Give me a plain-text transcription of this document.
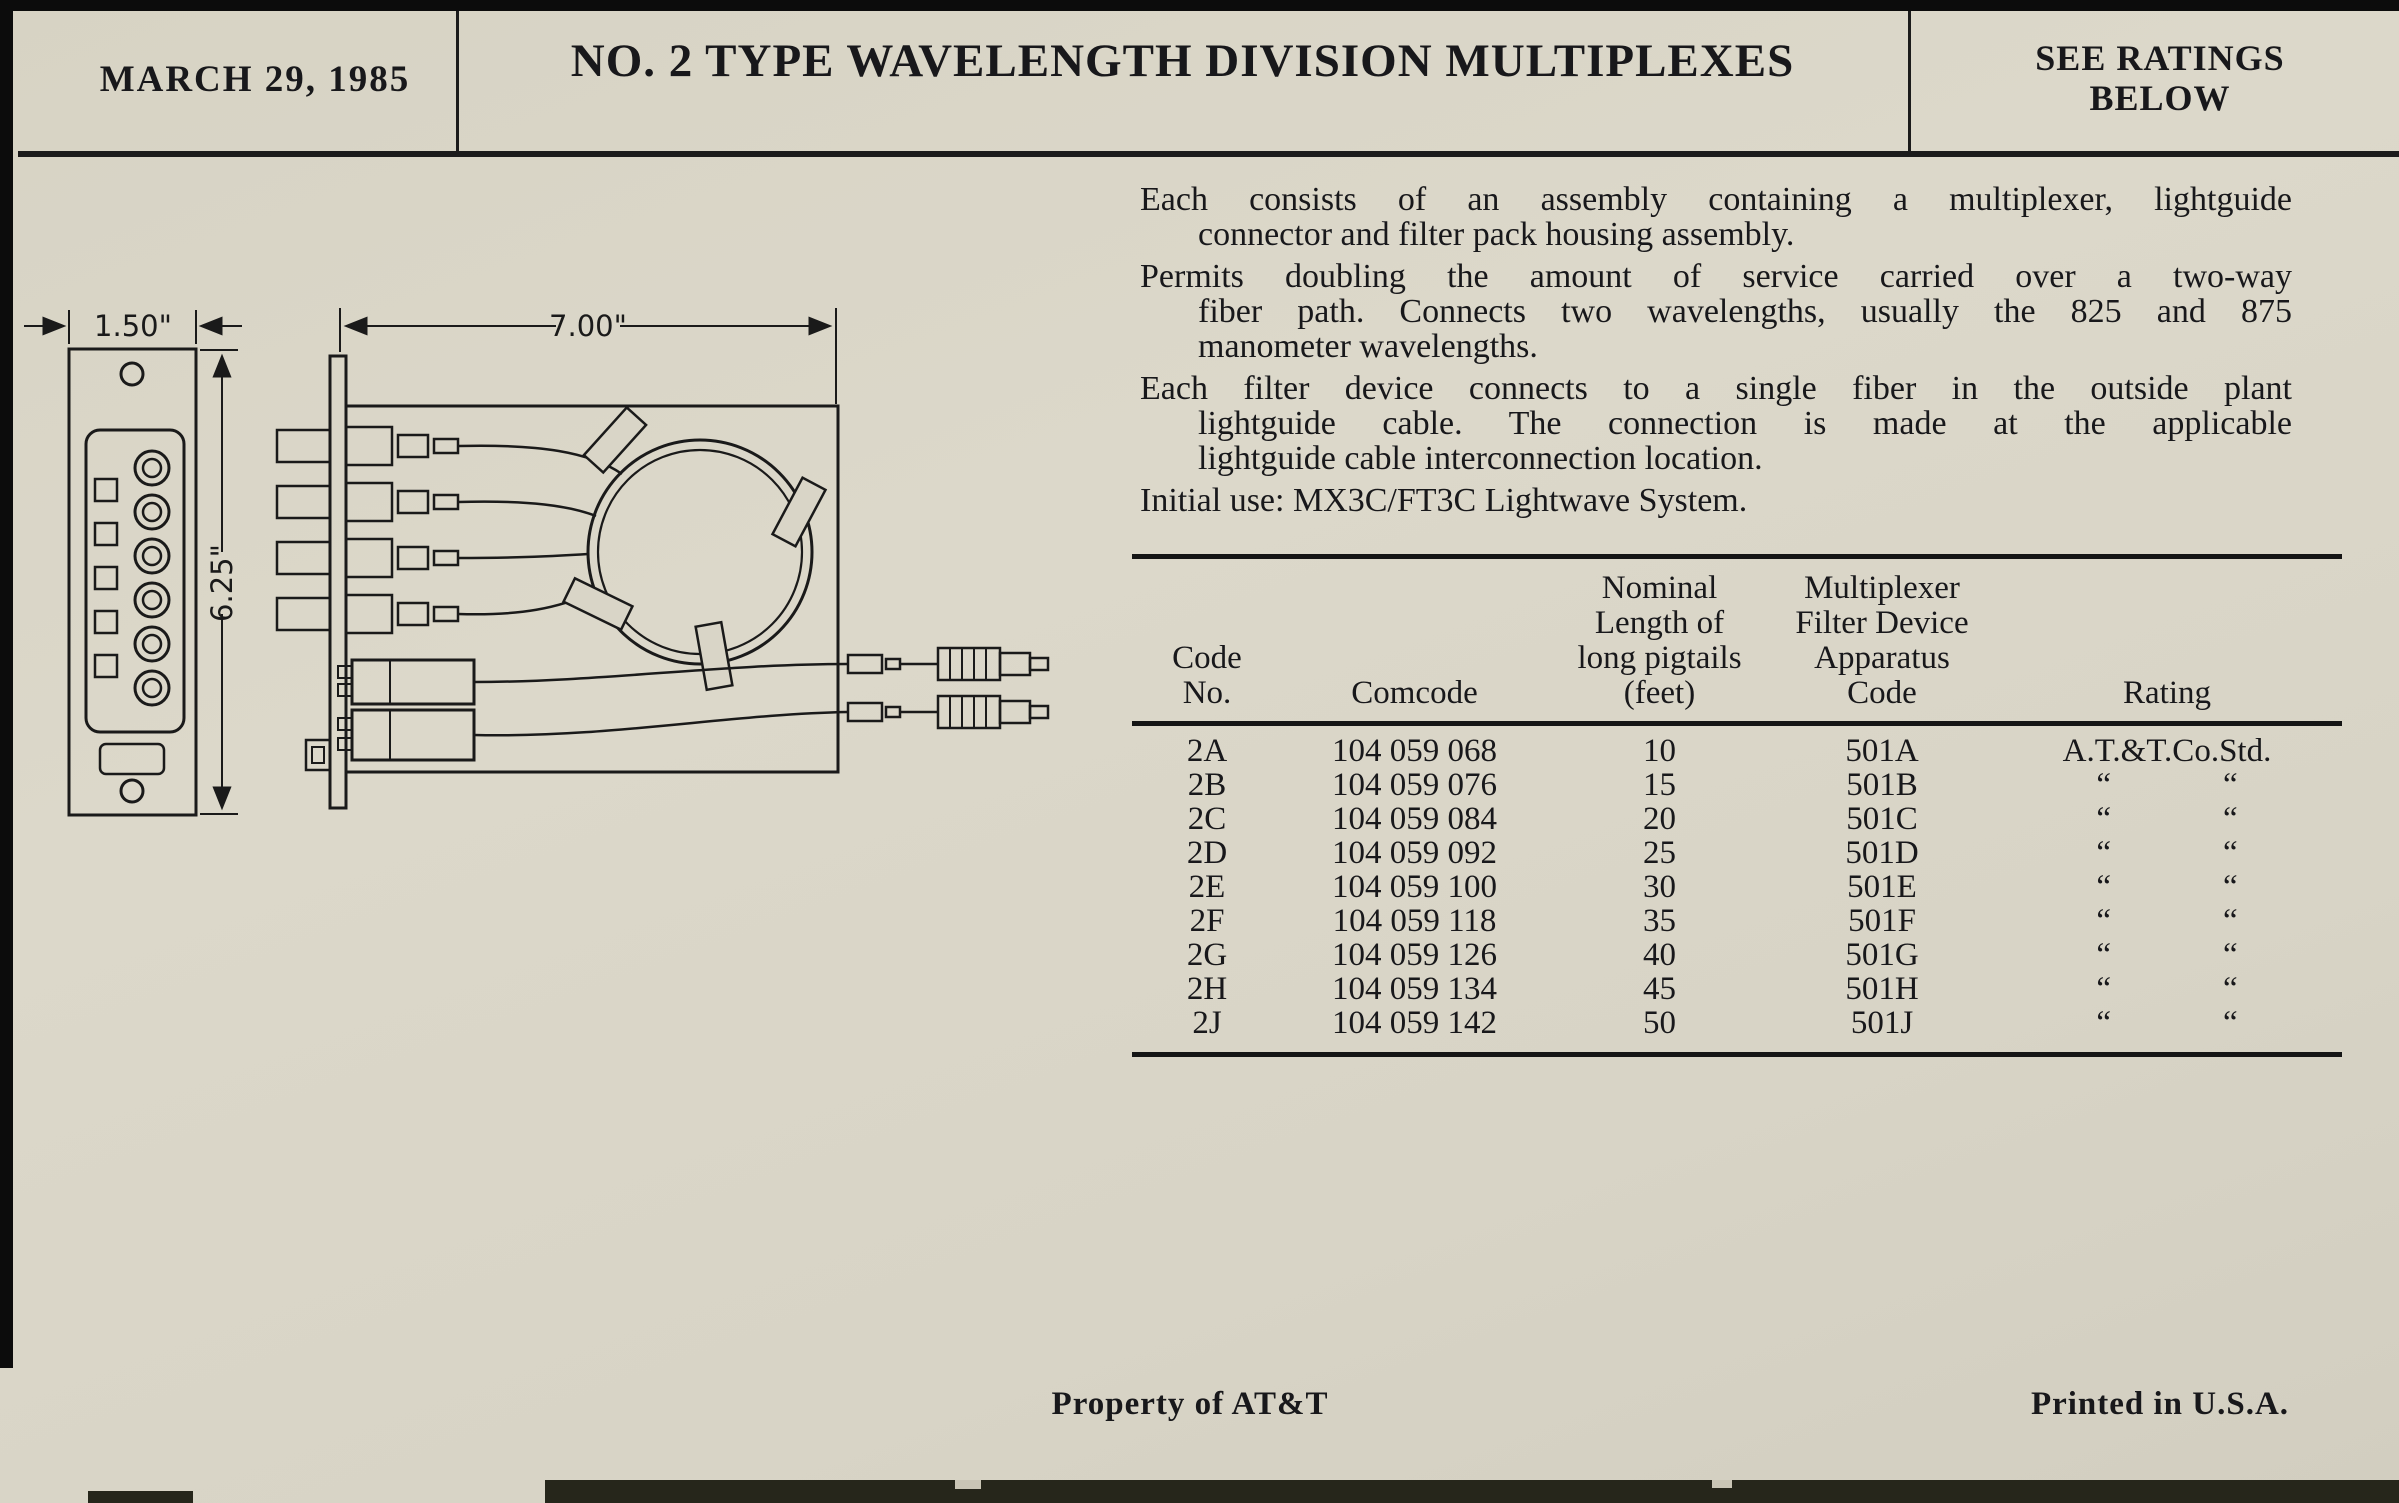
MARCH 29, 1985	NO. 2 TYPE WAVELENGTH DIVISION MULTIPLEXES	SEE RATINGS
BELOW
1.50"
6.25"
7.00"
Each consists of an assembly containing a multiplexer, lightguide
connector and filter pack housing assembly.
Permits doubling the amount of service carried over a two-way
fiber path. Connects two wavelengths, usually the 825 and 875
manometer wavelengths.
Each filter device connects to a single fiber in the outside plant
lightguide cable. The connection is made at the applicable
lightguide cable interconnection location.
Initial use: MX3C/FT3C Lightwave System.
Code
No.	Comcode
Nominal
Length of
long pigtails
(feet)
Multiplexer
Filter Device
Apparatus
Code	Rating
2A	104 059 068	10	501A	A.T.&T.Co.Std.
2B	104 059 076	15	501B	“	“
2C	104 059 084	20	501C	“	“
2D	104 059 092	25	501D	“	“
2E	104 059 100	30	501E	“	“
2F	104 059 118	35	501F	“	“
2G	104 059 126	40	501G	“	“
2H	104 059 134	45	501H	“	“
2J	104 059 142	50	501J	“	“
Property of AT&T	Printed in U.S.A.
